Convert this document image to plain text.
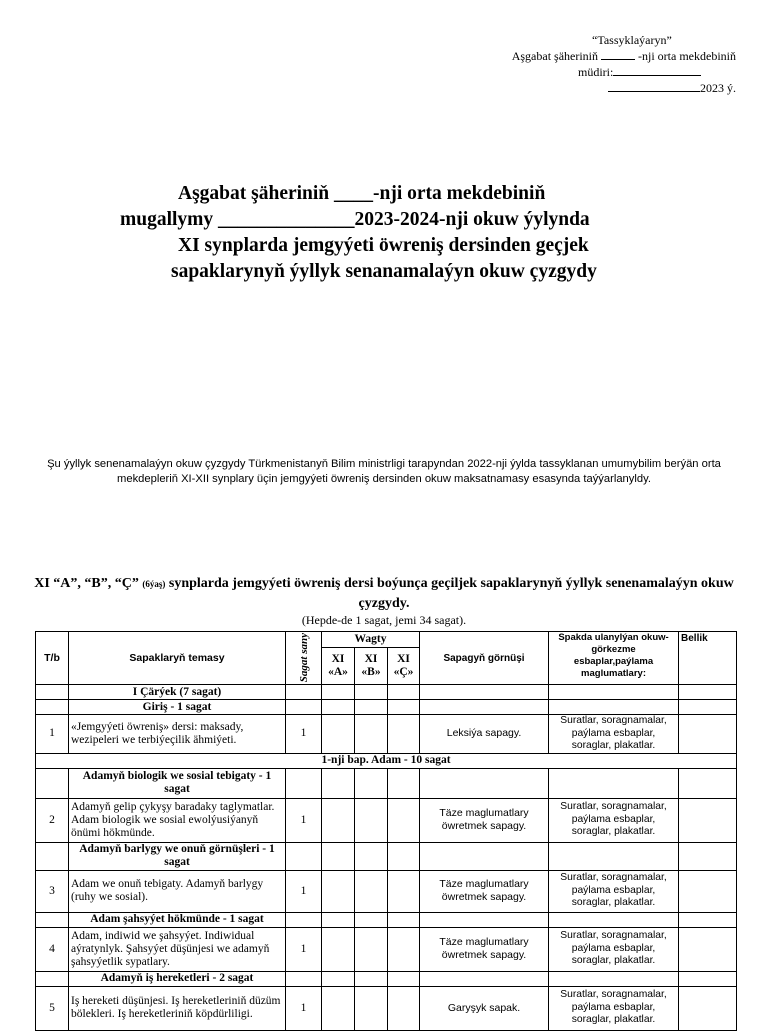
“Tassyklaýaryn”
Aşgabat şäheriniň	-nji orta mekdebiniň
müdiri:
2023 ý.
Aşgabat şäheriniň ____-nji orta mekdebiniň
mugallymy ______________2023-2024-nji okuw ýylynda
XI synplarda jemgyýeti öwreniş dersinden geçjek
sapaklarynyň ýyllyk senanamalaýyn okuw çyzgydy
Şu ýyllyk senenamalaýyn okuw çyzgydy Türkmenistanyň Bilim ministrligi tarapyndan 2022-nji ýylda tassyklanan umumybilim berýän orta mekdepleriň XI-XII synplary üçin jemgyýeti öwreniş dersinden okuw maksatnamasy esasynda taýýarlanyldy.
XI “A”, “B”, “Ç” (6ýaş) synplarda jemgyýeti öwreniş dersi boýunça geçiljek sapaklarynyň ýyllyk senenamalaýyn okuw çyzgydy.
(Hepde-de 1 sagat, jemi 34 sagat).
T/b	Sapaklaryň temasy	Sagat sany	Wagty			Sapagyň görnüşi	Spakda ulanylýan okuw-görkezme esbaplar,paýlama maglumatlary:	Bellik
			XI «A»	XI «B»	XI «Ç»			
	I Çärýek (7 sagat)							
	Giriş - 1 sagat							
1	«Jemgyýeti öwreniş» dersi: maksady, wezipeleri we terbiýeçilik ähmiýeti.	1				Leksiýa sapagy.	Suratlar, soragnamalar, paýlama esbaplar, soraglar, plakatlar.	
1-nji bap. Adam - 10 sagat								
	Adamyň biologik we sosial tebigaty - 1 sagat							
2	Adamyň gelip çykyşy baradaky taglymatlar. Adam biologik we sosial ewolýusiýanyň önümi hökmünde.	1				Täze maglumatlary öwretmek sapagy.	Suratlar, soragnamalar, paýlama esbaplar, soraglar, plakatlar.	
	Adamyň barlygy we onuň görnüşleri - 1 sagat							
3	Adam we onuň tebigaty. Adamyň barlygy (ruhy we sosial).	1				Täze maglumatlary öwretmek sapagy.	Suratlar, soragnamalar, paýlama esbaplar, soraglar, plakatlar.	
	Adam şahsyýet hökmünde - 1 sagat							
4	Adam, indiwid we şahsyýet. Indiwidual aýratynlyk. Şahsyýet düşünjesi we adamyň şahsyýetlik sypatlary.	1				Täze maglumatlary öwretmek sapagy.	Suratlar, soragnamalar, paýlama esbaplar, soraglar, plakatlar.	
	Adamyň iş hereketleri - 2 sagat							
5	Iş hereketi düşünjesi. Iş hereketleriniň düzüm bölekleri. Iş hereketleriniň köpdürliligi.	1				Garyşyk sapak.	Suratlar, soragnamalar, paýlama esbaplar, soraglar, plakatlar.	
